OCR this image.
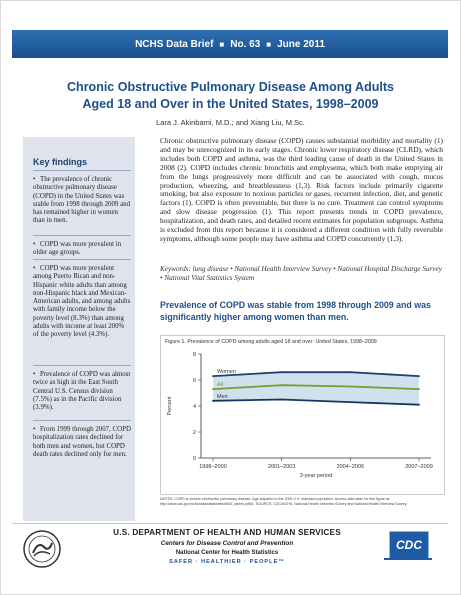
NCHS Data Brief ■ No. 63 ■ June 2011
Chronic Obstructive Pulmonary Disease Among Adults
Aged 18 and Over in the United States, 1998–2009
Lara J. Akinbami, M.D.; and Xiang Liu, M.Sc.
Key findings
• The prevalence of chronic obstructive pulmonary disease (COPD) in the United States was stable from 1998 through 2009 and has remained higher in women than in men.
• COPD was more prevalent in older age groups.
• COPD was more prevalent among Puerto Rican and non-Hispanic white adults than among non-Hispanic black and Mexican-American adults, and among adults with family income below the poverty level (8.3%) than among adults with income at least 200% of the poverty level (4.3%).
• Prevalence of COPD was almost twice as high in the East South Central U.S. Census division (7.5%) as in the Pacific division (3.9%).
• From 1999 through 2007, COPD hospitalization rates declined for both men and women, but COPD death rates declined only for men.
Chronic obstructive pulmonary disease (COPD) causes substantial morbidity and mortality (1) and may be unrecognized in its early stages. Chronic lower respiratory disease (CLRD), which includes both COPD and asthma, was the third leading cause of death in the United States in 2008 (2). COPD includes chronic bronchitis and emphysema, which both make emptying air from the lungs progressively more difficult and can be associated with cough, mucus production, wheezing, and breathlessness (1,3). Risk factors include primarily cigarette smoking, but also exposure to noxious particles or gases, recurrent infection, diet, and genetic factors (1). COPD is often preventable, but there is no cure. Treatment can control symptoms and slow disease progression (1). This report presents trends in COPD prevalence, hospitalization, and death rates, and detailed recent estimates for population subgroups. Asthma is excluded from this report because it is considered a different condition with fully reversible symptoms, although some people may have asthma and COPD concurrently (1,3).
Keywords: lung disease • National Health Interview Survey • National Hospital Discharge Survey • National Vital Statistics System
Prevalence of COPD was stable from 1998 through 2009 and was significantly higher among women than men.
Figure 1. Prevalence of COPD among adults aged 18 and over: United States, 1998–2009
0
2
4
6
8
1998–2000	2001–2003	2004–2006	2007–2009
3-year period
Percent
Women
All
Men
NOTES: COPD is chronic obstructive pulmonary disease. Age-adjusted to the 2000 U.S. standard population. Access data table for this figure at: http://www.cdc.gov/nchs/data/databriefs/db63_tables.pdf#1. SOURCE: CDC/NCHS, National Health Interview Survey and National Health Interview Survey.
U.S. DEPARTMENT OF HEALTH AND HUMAN SERVICES
Centers for Disease Control and Prevention
National Center for Health Statistics
SAFER · HEALTHIER · PEOPLE™
CDC
